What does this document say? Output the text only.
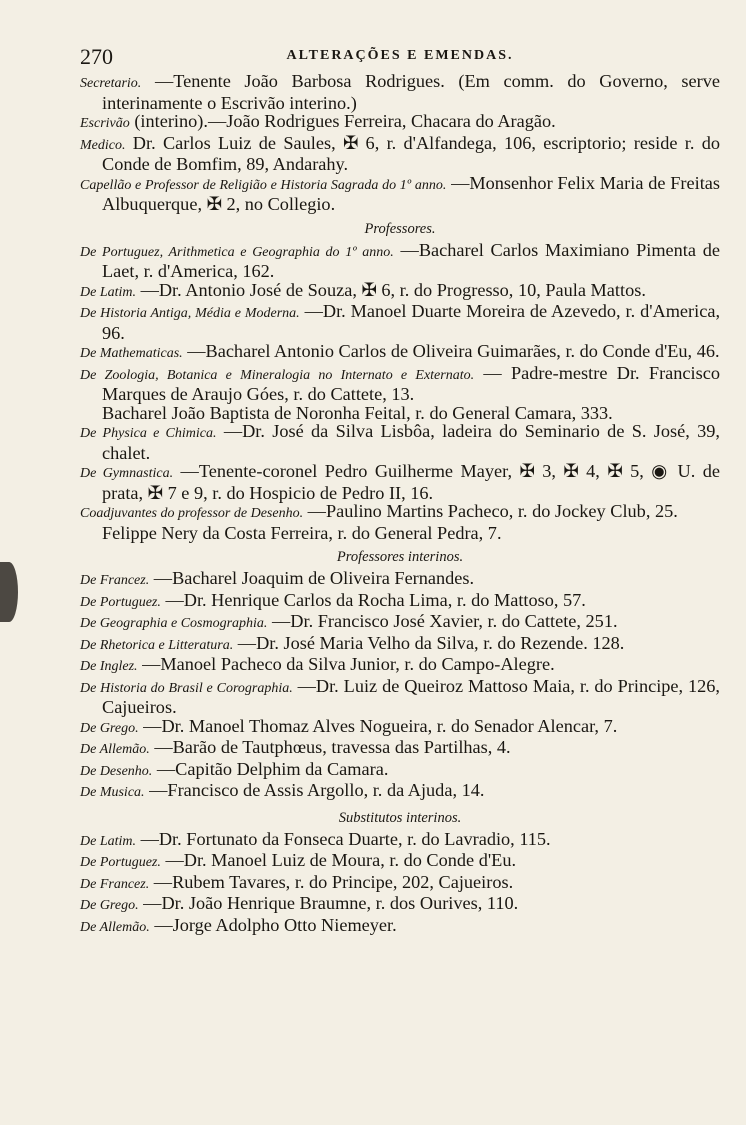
270	ALTERAÇÕES E EMENDAS.
Secretario. —Tenente João Barbosa Rodrigues. (Em comm. do Governo, serve interinamente o Escrivão interino.)
Escrivão (interino).—João Rodrigues Ferreira, Chacara do Aragão.
Medico. Dr. Carlos Luiz de Saules, ✠ 6, r. d'Alfandega, 106, escriptorio; reside r. do Conde de Bomfim, 89, Andarahy.
Capellão e Professor de Religião e Historia Sagrada do 1º anno. —Monsenhor Felix Maria de Freitas Albuquerque, ✠ 2, no Collegio.
Professores.
De Portuguez, Arithmetica e Geographia do 1º anno. —Bacharel Carlos Maximiano Pimenta de Laet, r. d'America, 162.
De Latim. —Dr. Antonio José de Souza, ✠ 6, r. do Progresso, 10, Paula Mattos.
De Historia Antiga, Média e Moderna. —Dr. Manoel Duarte Moreira de Azevedo, r. d'America, 96.
De Mathematicas. —Bacharel Antonio Carlos de Oliveira Guimarães, r. do Conde d'Eu, 46.
De Zoologia, Botanica e Mineralogia no Internato e Externato. — Padre-mestre Dr. Francisco Marques de Araujo Góes, r. do Cattete, 13.
Bacharel João Baptista de Noronha Feital, r. do General Camara, 333.
De Physica e Chimica. —Dr. José da Silva Lisbôa, ladeira do Seminario de S. José, 39, chalet.
De Gymnastica. —Tenente-coronel Pedro Guilherme Mayer, ✠ 3, ✠ 4, ✠ 5, ◉ U. de prata, ✠ 7 e 9, r. do Hospicio de Pedro II, 16.
Coadjuvantes do professor de Desenho. —Paulino Martins Pacheco, r. do Jockey Club, 25.
Felippe Nery da Costa Ferreira, r. do General Pedra, 7.
Professores interinos.
De Francez. —Bacharel Joaquim de Oliveira Fernandes.
De Portuguez. —Dr. Henrique Carlos da Rocha Lima, r. do Mattoso, 57.
De Geographia e Cosmographia. —Dr. Francisco José Xavier, r. do Cattete, 251.
De Rhetorica e Litteratura. —Dr. José Maria Velho da Silva, r. do Rezende. 128.
De Inglez. —Manoel Pacheco da Silva Junior, r. do Campo-Alegre.
De Historia do Brasil e Corographia. —Dr. Luiz de Queiroz Mattoso Maia, r. do Principe, 126, Cajueiros.
De Grego. —Dr. Manoel Thomaz Alves Nogueira, r. do Senador Alencar, 7.
De Allemão. —Barão de Tautphœus, travessa das Partilhas, 4.
De Desenho. —Capitão Delphim da Camara.
De Musica. —Francisco de Assis Argollo, r. da Ajuda, 14.
Substitutos interinos.
De Latim. —Dr. Fortunato da Fonseca Duarte, r. do Lavradio, 115.
De Portuguez. —Dr. Manoel Luiz de Moura, r. do Conde d'Eu.
De Francez. —Rubem Tavares, r. do Principe, 202, Cajueiros.
De Grego. —Dr. João Henrique Braumne, r. dos Ourives, 110.
De Allemão. —Jorge Adolpho Otto Niemeyer.
